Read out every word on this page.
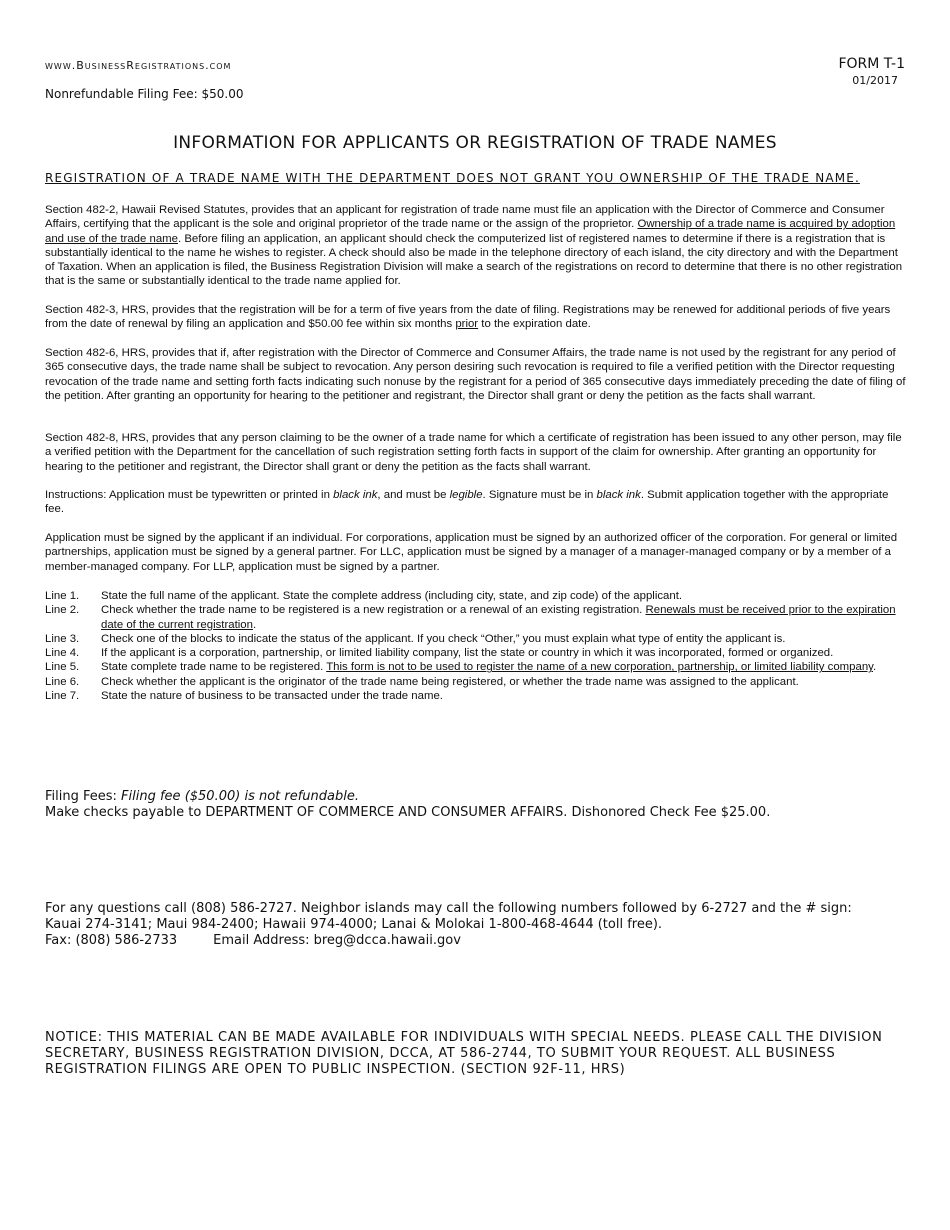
www.BusinessRegistrations.com
Nonrefundable Filing Fee: $50.00
FORM T-1
01/2017
INFORMATION FOR APPLICANTS OR REGISTRATION OF TRADE NAMES
REGISTRATION OF A TRADE NAME WITH THE DEPARTMENT DOES NOT GRANT YOU OWNERSHIP OF THE TRADE NAME.

Section 482-2, Hawaii Revised Statutes, provides that an applicant for registration of trade name must file an application with the Director of Commerce and Consumer Affairs, certifying that the applicant is the sole and original proprietor of the trade name or the assign of the proprietor. Ownership of a trade name is acquired by adoption and use of the trade name. Before filing an application, an applicant should check the computerized list of registered names to determine if there is a registration that is substantially identical to the name he wishes to register. A check should also be made in the telephone directory of each island, the city directory and with the Department of Taxation. When an application is filed, the Business Registration Division will make a search of the registrations on record to determine that there is no other registration that is the same or substantially identical to the trade name applied for.

Section 482-3, HRS, provides that the registration will be for a term of five years from the date of filing. Registrations may be renewed for additional periods of five years from the date of renewal by filing an application and $50.00 fee within six months prior to the expiration date.

Section 482-6, HRS, provides that if, after registration with the Director of Commerce and Consumer Affairs, the trade name is not used by the registrant for any period of 365 consecutive days, the trade name shall be subject to revocation. Any person desiring such revocation is required to file a verified petition with the Director requesting revocation of the trade name and setting forth facts indicating such nonuse by the registrant for a period of 365 consecutive days immediately preceding the date of filing of the petition. After granting an opportunity for hearing to the petitioner and registrant, the Director shall grant or deny the petition as the facts shall warrant.

Section 482-8, HRS, provides that any person claiming to be the owner of a trade name for which a certificate of registration has been issued to any other person, may file a verified petition with the Department for the cancellation of such registration setting forth facts in support of the claim for ownership. After granting an opportunity for hearing to the petitioner and registrant, the Director shall grant or deny the petition as the facts shall warrant.

Instructions: Application must be typewritten or printed in black ink, and must be legible. Signature must be in black ink. Submit application together with the appropriate fee.

Application must be signed by the applicant if an individual. For corporations, application must be signed by an authorized officer of the corporation. For general or limited partnerships, application must be signed by a general partner. For LLC, application must be signed by a manager of a manager-managed company or by a member of a member-managed company. For LLP, application must be signed by a partner.

Line 1.	State the full name of the applicant. State the complete address (including city, state, and zip code) of the applicant.
Line 2.	Check whether the trade name to be registered is a new registration or a renewal of an existing registration. Renewals must be received prior to the expiration date of the current registration.
Line 3.	Check one of the blocks to indicate the status of the applicant. If you check “Other,” you must explain what type of entity the applicant is.
Line 4.	If the applicant is a corporation, partnership, or limited liability company, list the state or country in which it was incorporated, formed or organized.
Line 5.	State complete trade name to be registered. This form is not to be used to register the name of a new corporation, partnership, or limited liability company.
Line 6.	Check whether the applicant is the originator of the trade name being registered, or whether the trade name was assigned to the applicant.
Line 7.	State the nature of business to be transacted under the trade name.
Filing Fees: Filing fee ($50.00) is not refundable.
Make checks payable to DEPARTMENT OF COMMERCE AND CONSUMER AFFAIRS. Dishonored Check Fee $25.00.
For any questions call (808) 586-2727. Neighbor islands may call the following numbers followed by 6-2727 and the # sign:
Kauai 274-3141; Maui 984-2400; Hawaii 974-4000; Lanai & Molokai 1-800-468-4644 (toll free).
Fax: (808) 586-2733	Email Address: breg@dcca.hawaii.gov
NOTICE: THIS MATERIAL CAN BE MADE AVAILABLE FOR INDIVIDUALS WITH SPECIAL NEEDS. PLEASE CALL THE DIVISION SECRETARY, BUSINESS REGISTRATION DIVISION, DCCA, AT 586-2744, TO SUBMIT YOUR REQUEST. ALL BUSINESS REGISTRATION FILINGS ARE OPEN TO PUBLIC INSPECTION. (SECTION 92F-11, HRS)
